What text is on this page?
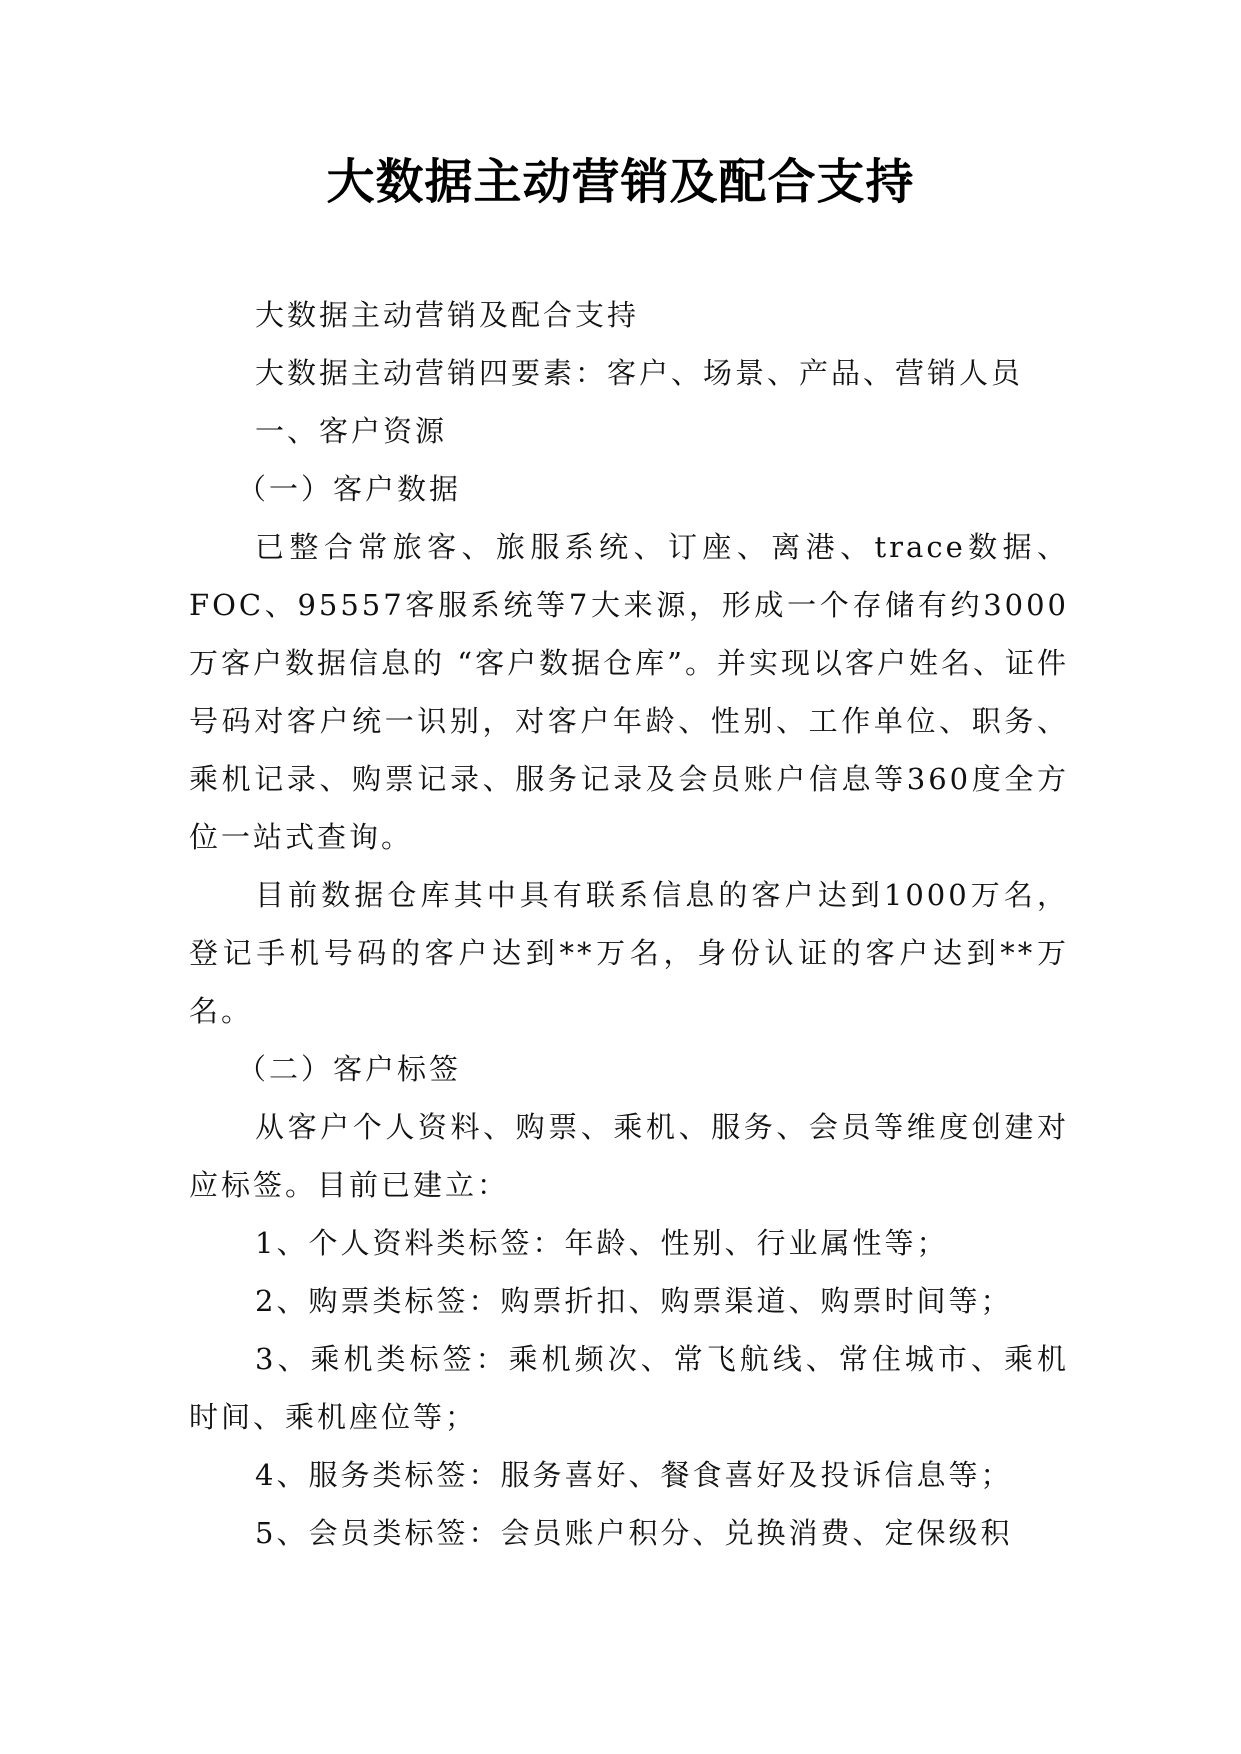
大数据主动营销及配合支持

大数据主动营销及配合支持

大数据主动营销四要素：客户、场景、产品、营销人员

一、客户资源

（一）客户数据

已整合常旅客、旅服系统、订座、离港、trace数据、FOC、95557客服系统等7大来源，形成一个存储有约3000万客户数据信息的 “客户数据仓库”。并实现以客户姓名、证件号码对客户统一识别，对客户年龄、性别、工作单位、职务、乘机记录、购票记录、服务记录及会员账户信息等360度全方位一站式查询。

目前数据仓库其中具有联系信息的客户达到1000万名，登记手机号码的客户达到**万名，身份认证的客户达到**万名。

（二）客户标签

从客户个人资料、购票、乘机、服务、会员等维度创建对应标签。目前已建立：

1、个人资料类标签：年龄、性别、行业属性等；

2、购票类标签：购票折扣、购票渠道、购票时间等；

3、乘机类标签：乘机频次、常飞航线、常住城市、乘机时间、乘机座位等；

4、服务类标签：服务喜好、餐食喜好及投诉信息等；

5、会员类标签：会员账户积分、兑换消费、定保级积
